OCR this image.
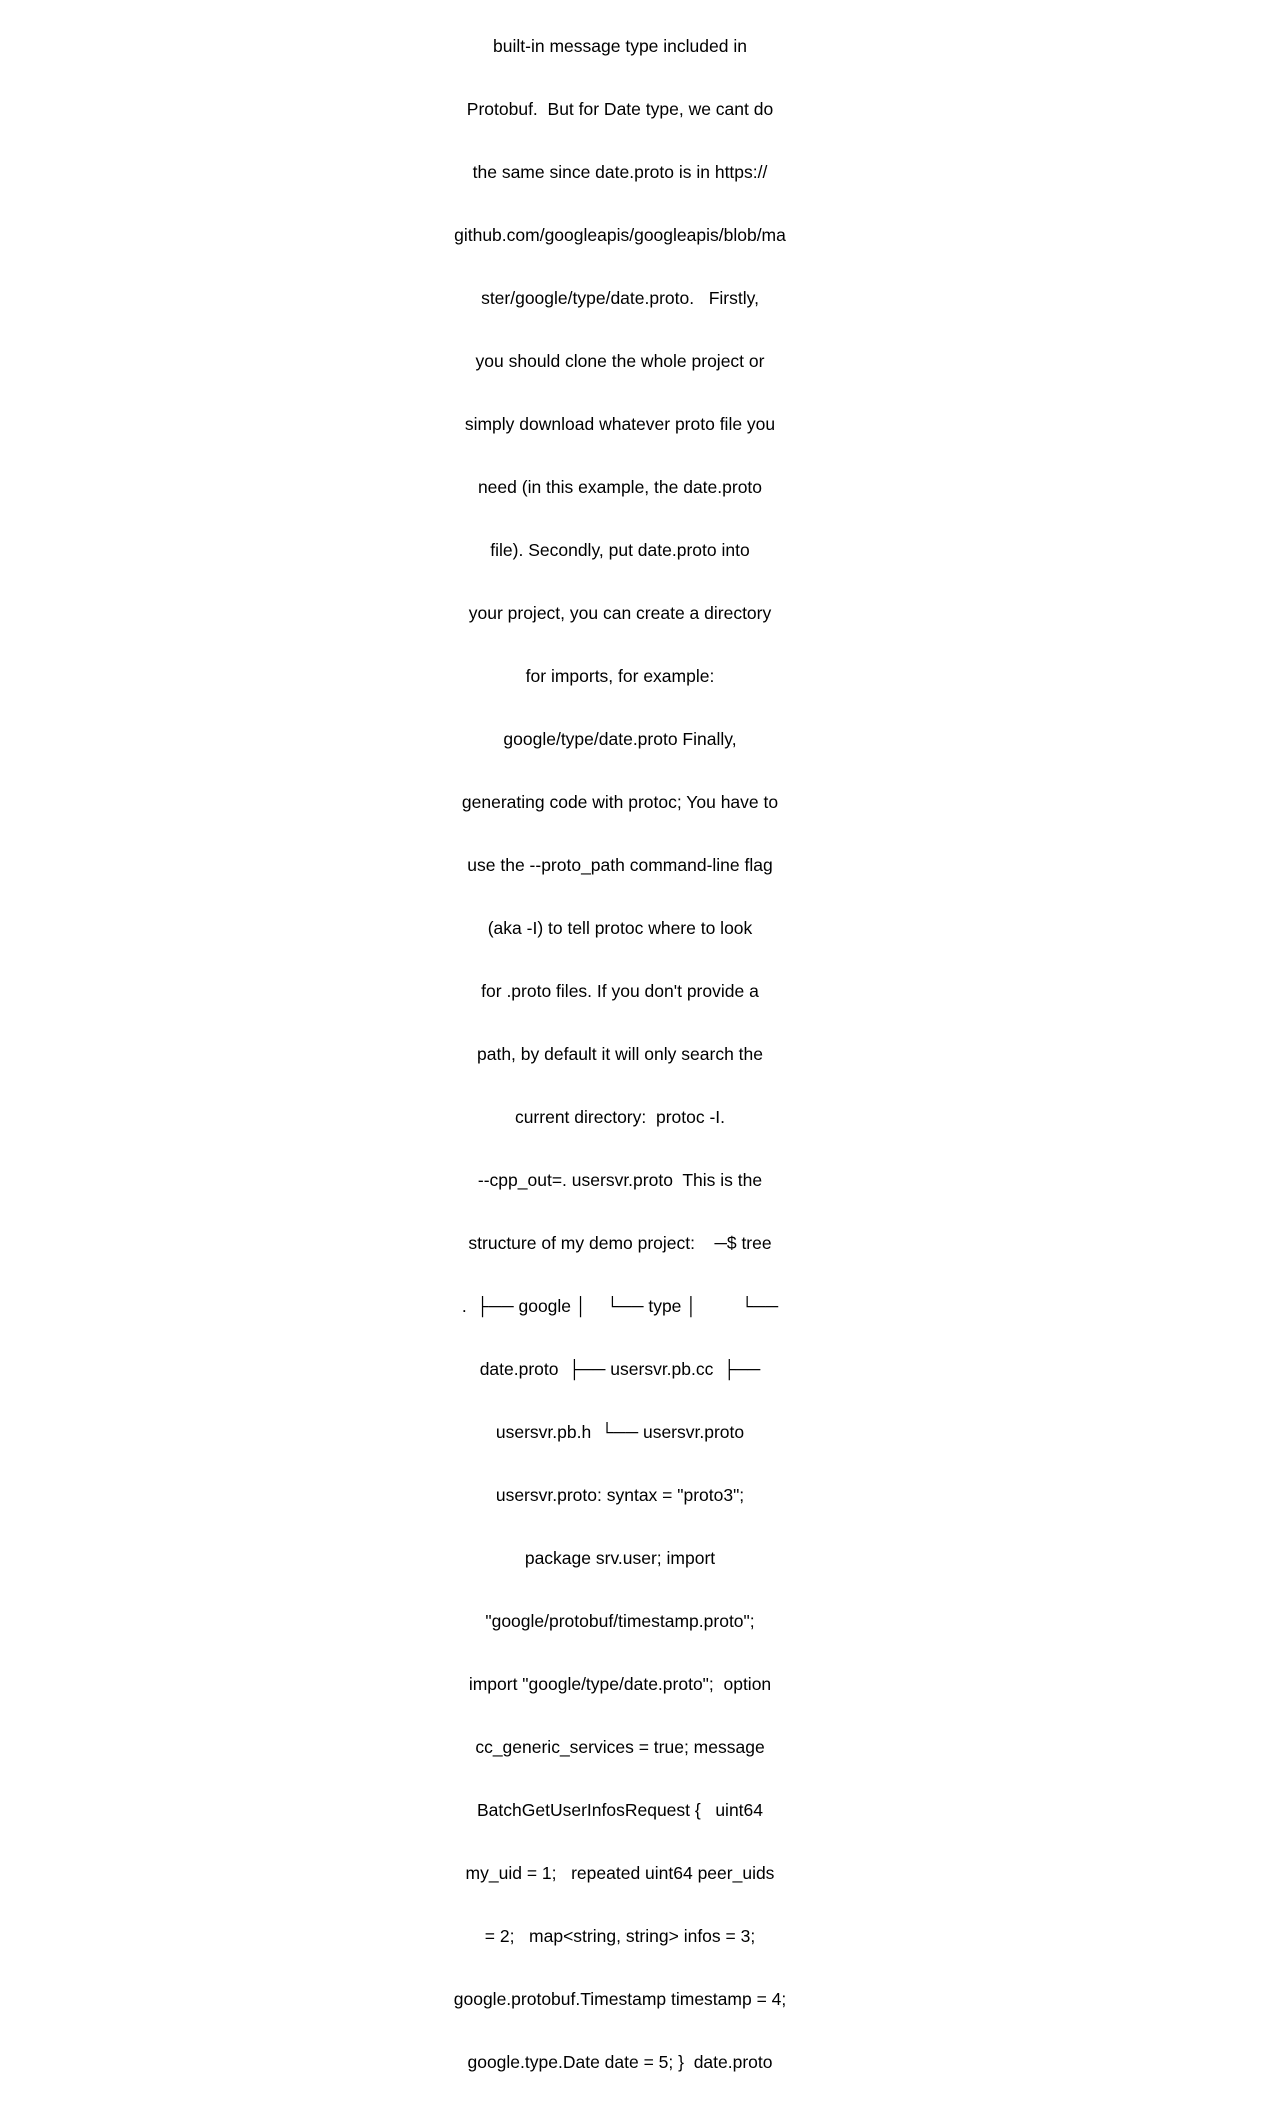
built-in message type included in

Protobuf.  But for Date type, we cant do

the same since date.proto is in https://

github.com/googleapis/googleapis/blob/ma

ster/google/type/date.proto.   Firstly,

you should clone the whole project or

simply download whatever proto file you

need (in this example, the date.proto

file). Secondly, put date.proto into

your project, you can create a directory

for imports, for example:

google/type/date.proto Finally,

generating code with protoc; You have to

use the --proto_path command-line flag

(aka -I) to tell protoc where to look

for .proto files. If you don't provide a

path, by default it will only search the

current directory:  protoc -I.

--cpp_out=. usersvr.proto  This is the

structure of my demo project:    ─$ tree

.  ├── google │    └── type │         └──

date.proto  ├── usersvr.pb.cc  ├──

usersvr.pb.h  └── usersvr.proto

usersvr.proto: syntax = "proto3";

package srv.user; import

"google/protobuf/timestamp.proto";

import "google/type/date.proto";  option

cc_generic_services = true; message

BatchGetUserInfosRequest {   uint64

my_uid = 1;   repeated uint64 peer_uids

= 2;   map<string, string> infos = 3;

google.protobuf.Timestamp timestamp = 4;

google.type.Date date = 5; }  date.proto
